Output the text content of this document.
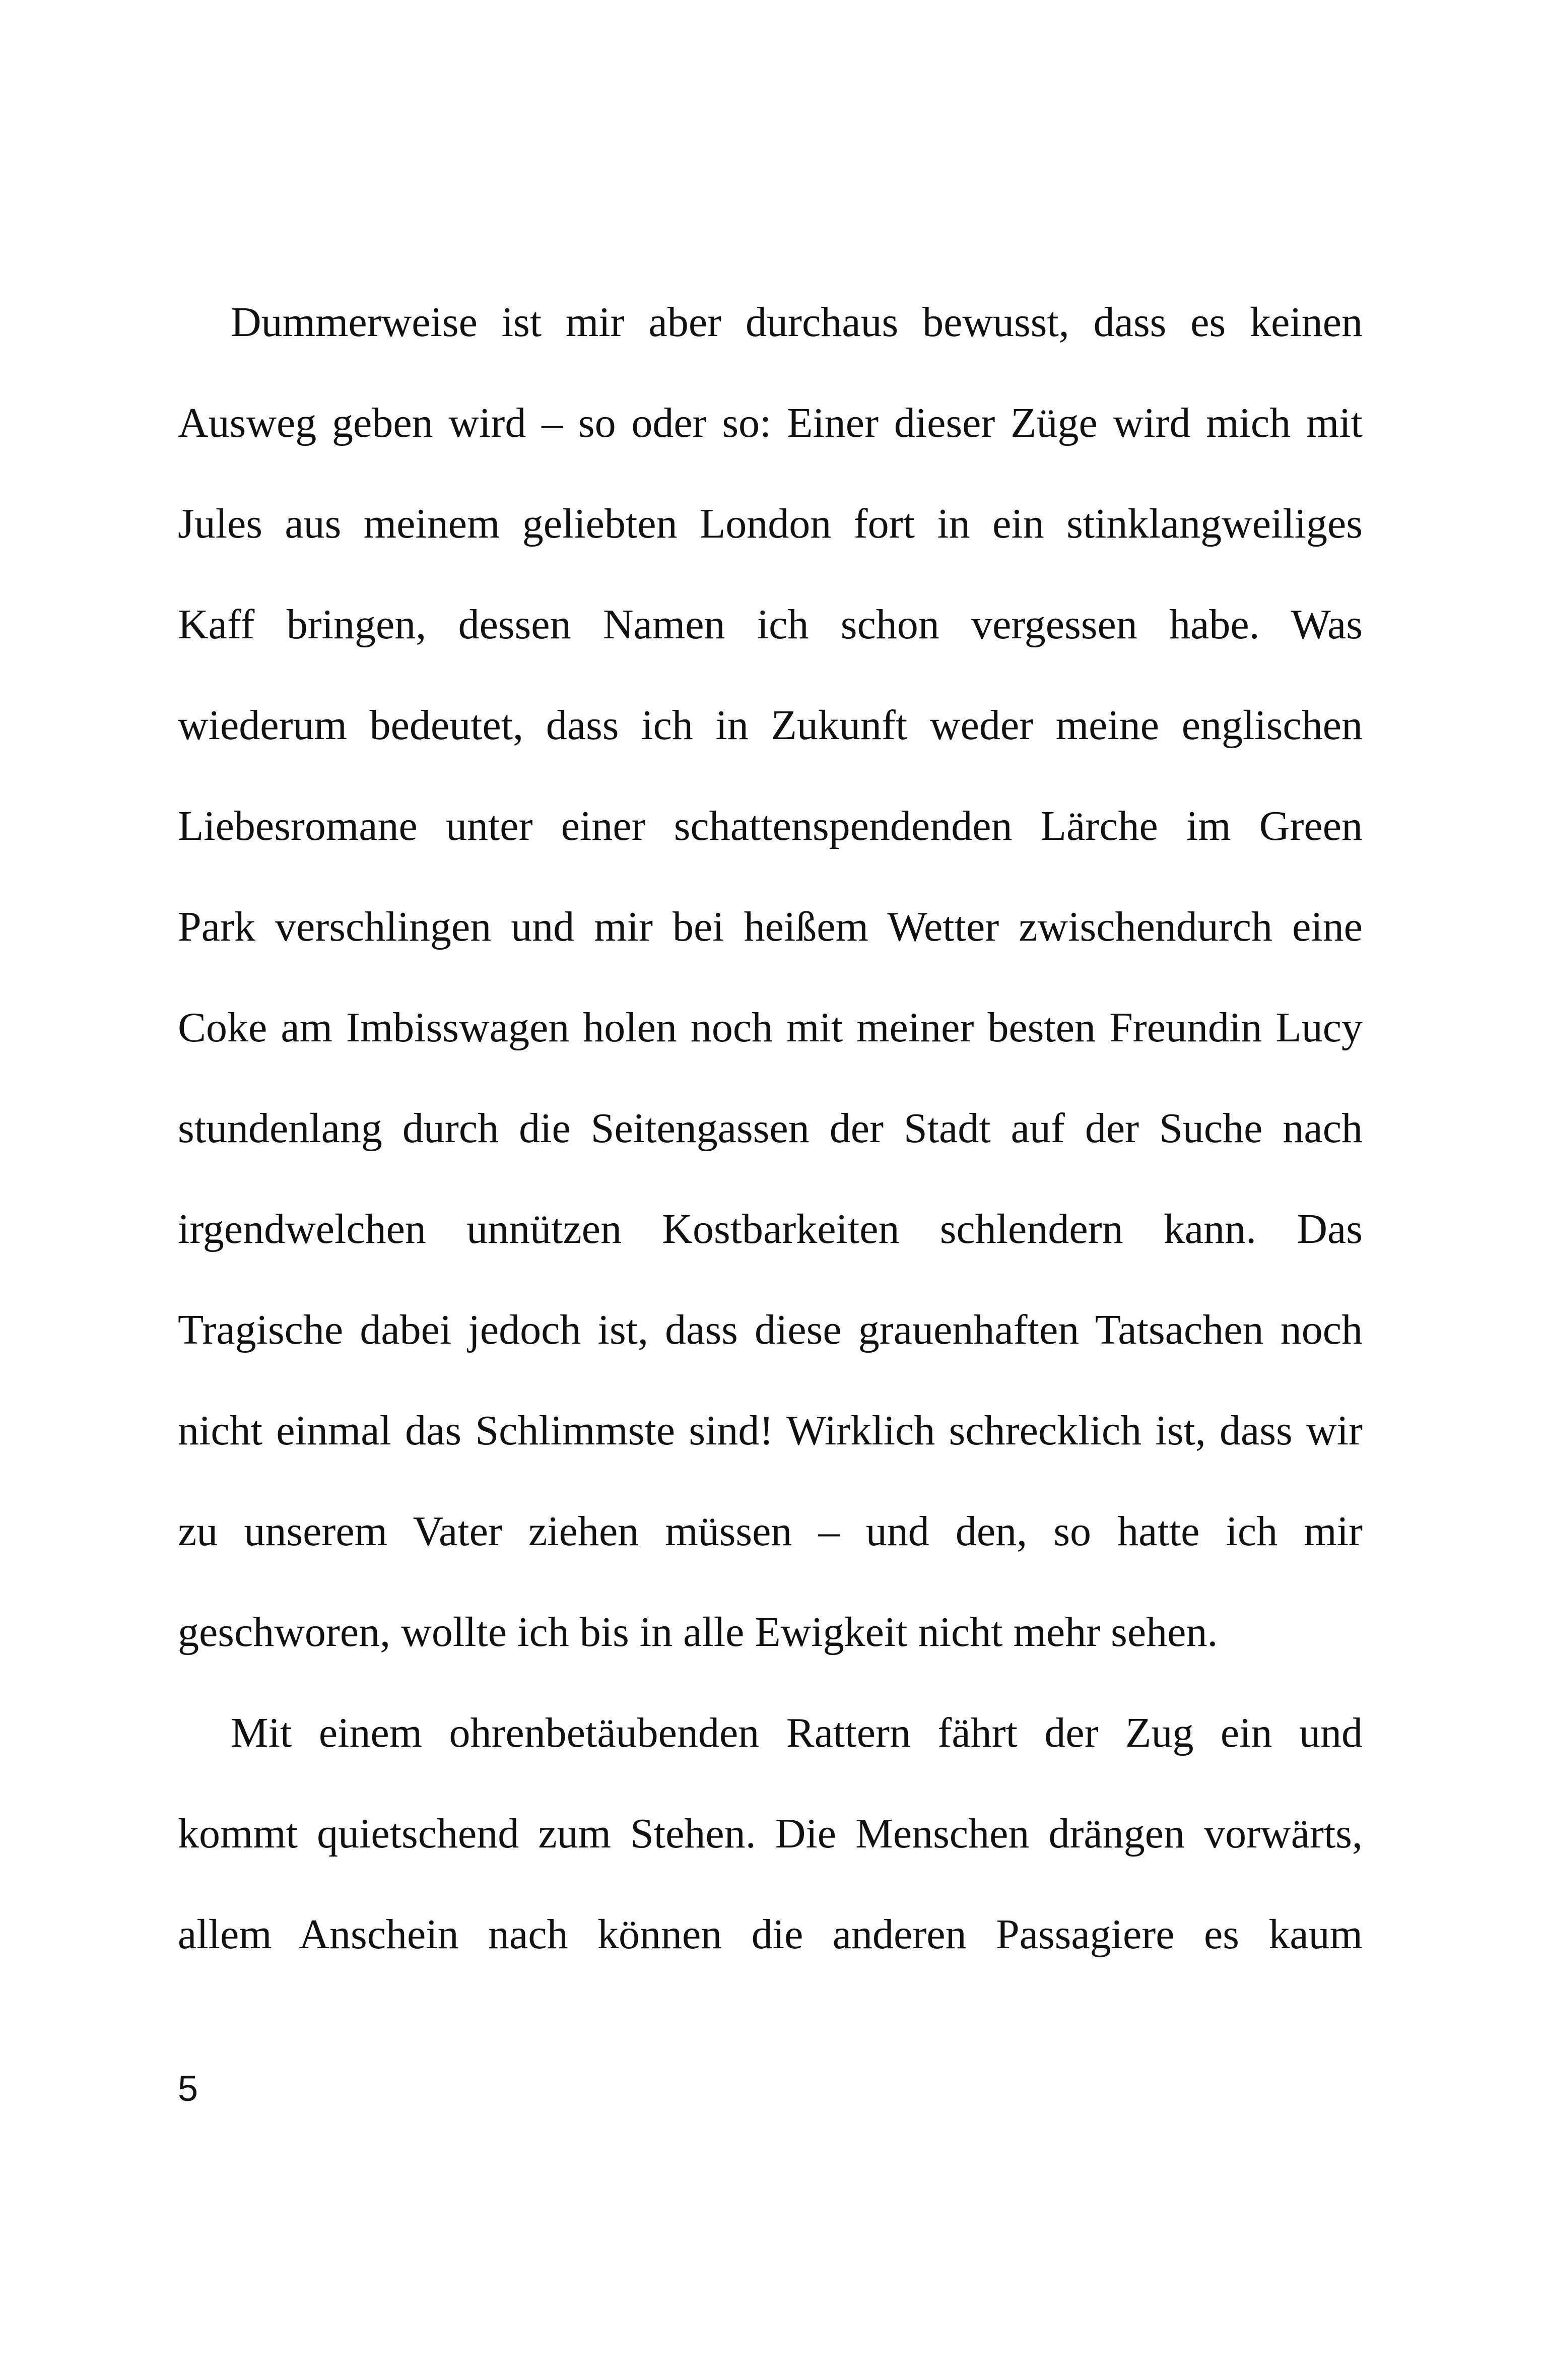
Dummerweise ist mir aber durchaus bewusst, dass es keinen
Ausweg geben wird – so oder so: Einer dieser Züge wird mich mit
Jules aus meinem geliebten London fort in ein stinklangweiliges
Kaff bringen, dessen Namen ich schon vergessen habe. Was
wiederum bedeutet, dass ich in Zukunft weder meine englischen
Liebesromane unter einer schattenspendenden Lärche im Green
Park verschlingen und mir bei heißem Wetter zwischendurch eine
Coke am Imbisswagen holen noch mit meiner besten Freundin Lucy
stundenlang durch die Seitengassen der Stadt auf der Suche nach
irgendwelchen unnützen Kostbarkeiten schlendern kann. Das
Tragische dabei jedoch ist, dass diese grauenhaften Tatsachen noch
nicht einmal das Schlimmste sind! Wirklich schrecklich ist, dass wir
zu unserem Vater ziehen müssen – und den, so hatte ich mir
geschworen, wollte ich bis in alle Ewigkeit nicht mehr sehen.

Mit einem ohrenbetäubenden Rattern fährt der Zug ein und
kommt quietschend zum Stehen. Die Menschen drängen vorwärts,
allem Anschein nach können die anderen Passagiere es kaum

5
